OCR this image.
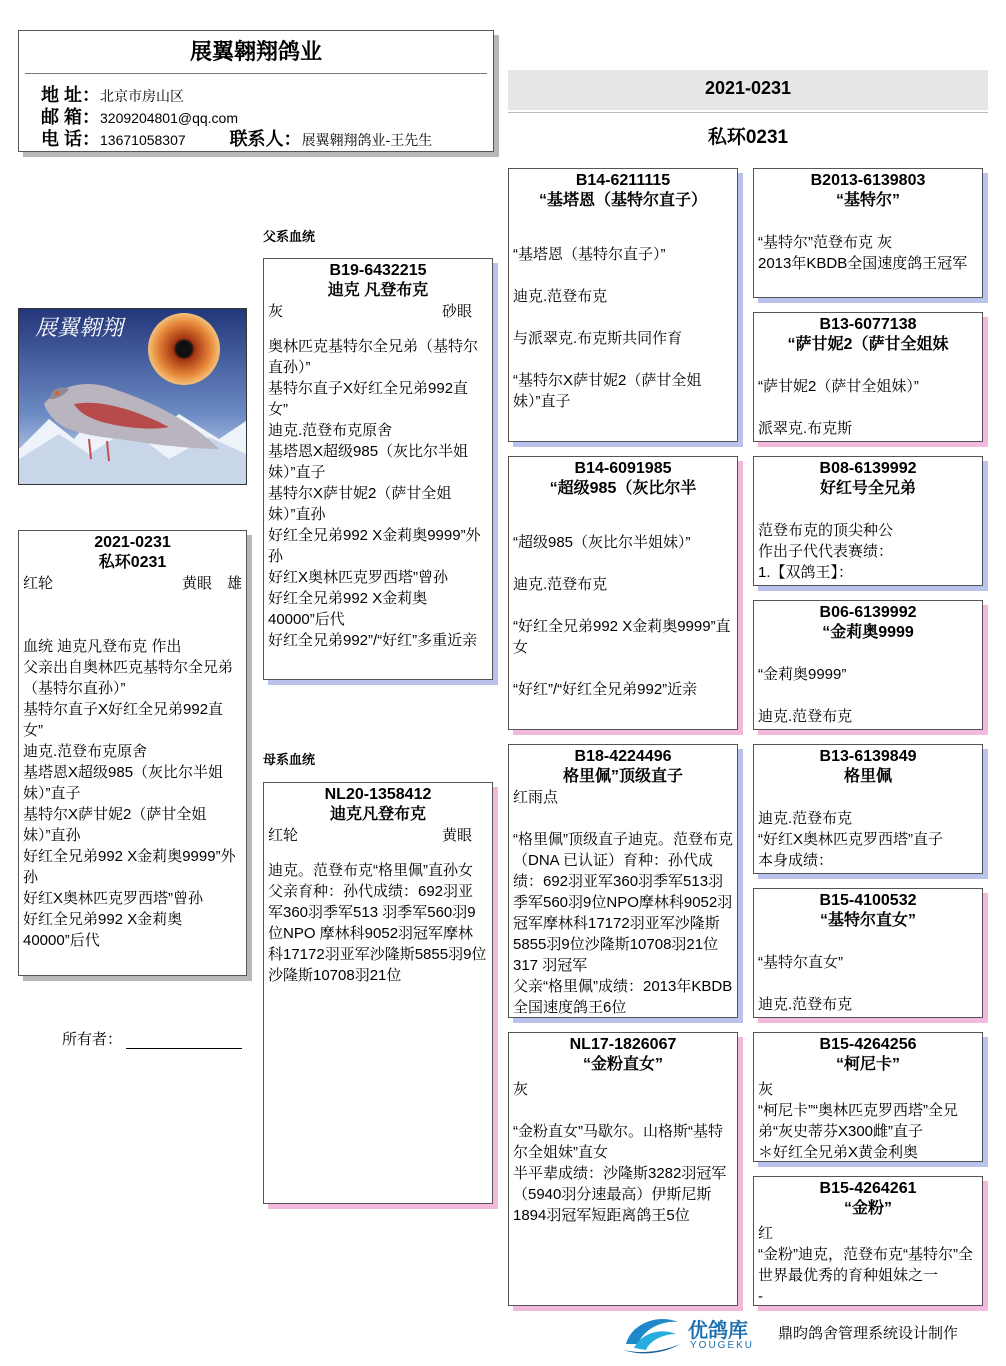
展翼翱翔鸽业
地 址：北京市房山区
邮 箱：3209204801@qq.com
电 话：13671058307 联系人：展翼翱翔鸽业-王先生
2021-0231
私环0231
父系血统
母系血统
展翼翱翔
2021-0231
私环0231
红轮	黄眼　雄
血统 迪克凡登布克 作出
父亲出自奥林匹克基特尔全兄弟（基特尔直孙）”
基特尔直子X好红全兄弟992直女”
迪克.范登布克原舍
基塔恩X超级985（灰比尔半姐妹）”直子
基特尔X萨甘妮2（萨甘全姐妹）”直孙
好红全兄弟992 X金莉奥9999”外孙
好红X奥林匹克罗西塔”曾孙
好红全兄弟992 X金莉奥40000”后代
所有者：
B19-6432215
迪克 凡登布克
灰	砂眼
奥林匹克基特尔全兄弟（基特尔直孙）”
基特尔直子X好红全兄弟992直女”
迪克.范登布克原舍
基塔恩X超级985（灰比尔半姐妹）”直子
基特尔X萨甘妮2（萨甘全姐妹）”直孙
好红全兄弟992 X金莉奥9999”外孙
好红X奥林匹克罗西塔”曾孙
好红全兄弟992 X金莉奥40000”后代
好红全兄弟992”/“好红”多重近亲
NL20-1358412
迪克凡登布克
红轮	黄眼
迪克。范登布克“格里佩”直孙女
父亲育种：孙代成绩：692羽亚军360羽季军513 羽季军560羽9位NPO 摩林科9052羽冠军摩林科17172羽亚军沙隆斯5855羽9位沙隆斯10708羽21位
B14-6211115
“基塔恩（基特尔直子）

“基塔恩（基特尔直子）”

迪克.范登布克

与派翠克.布克斯共同作育

“基特尔X萨甘妮2（萨甘全姐妹）”直子
B14-6091985
“超级985（灰比尔半

“超级985（灰比尔半姐妹）”

迪克.范登布克

“好红全兄弟992 X金莉奥9999”直女

“好红”/“好红全兄弟992”近亲
B18-4224496
格里佩”顶级直子
红雨点

“格里佩”顶级直子迪克。范登布克（DNA 已认证）育种：孙代成绩：692羽亚军360羽季军513羽季军560羽9位NPO摩林科9052羽冠军摩林科17172羽亚军沙隆斯5855羽9位沙隆斯10708羽21位317 羽冠军
父亲“格里佩”成绩：2013年KBDB全国速度鸽王6位
NL17-1826067
“金粉直女”
灰

“金粉直女”马歇尔。山格斯“基特尔全姐妹”直女
半平辈成绩：沙隆斯3282羽冠军（5940羽分速最高）伊斯尼斯1894羽冠军短距离鸽王5位
B2013-6139803
“基特尔”

“基特尔”范登布克 灰
2013年KBDB全国速度鸽王冠军
B13-6077138
“萨甘妮2（萨甘全姐妹

“萨甘妮2（萨甘全姐妹）”

派翠克.布克斯
B08-6139992
好红号全兄弟

范登布克的顶尖种公
作出子代代表赛绩：
1.【双鸽王】：
B06-6139992
“金莉奥9999

“金莉奥9999”

迪克.范登布克
B13-6139849
格里佩

迪克.范登布克
“好红X奥林匹克罗西塔”直子
本身成绩：
B15-4100532
“基特尔直女”

“基特尔直女”

迪克.范登布克
B15-4264256
“柯尼卡”
灰
“柯尼卡”“奥林匹克罗西塔”全兄弟“灰史蒂芬X300雌”直子
＊好红全兄弟X黄金利奥
B15-4264261
“金粉”
红
“金粉”迪克，范登布克“基特尔”全世界最优秀的育种姐妹之一
-
优鸽库
YOUGEKU
鼎昀鸽舍管理系统设计制作
